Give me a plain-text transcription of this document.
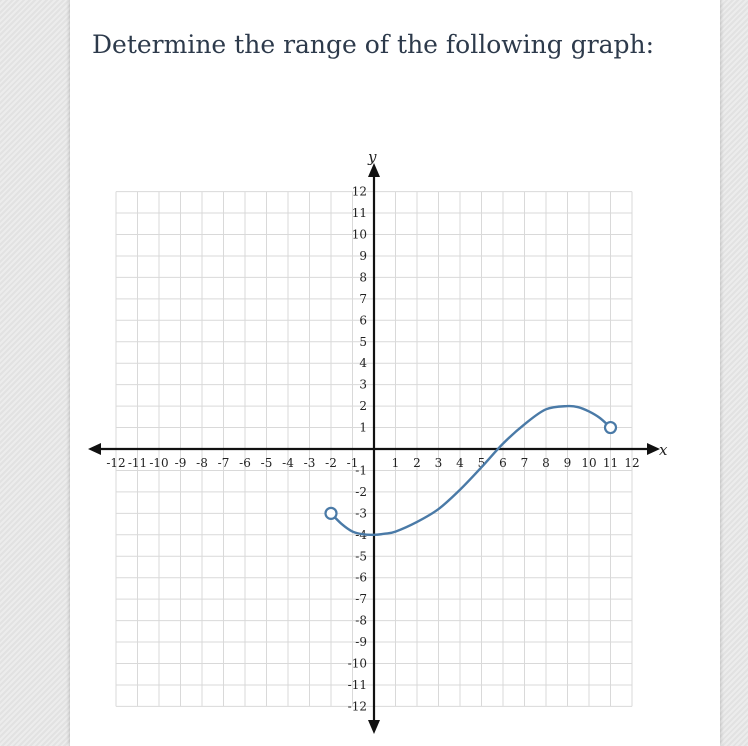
Determine the range of the following graph:
-12 -11 -10 -9 -8 -7 -6 -5 -4 -3 -2 -1	1 2 3 4 5 6 7 8 9 10 11 12
12
11
10
9
8
7
6
5
4
3
2
1
-1
-2
-3
-4
-5
-6
-7
-8
-9
-10
-11
-12
x
y
